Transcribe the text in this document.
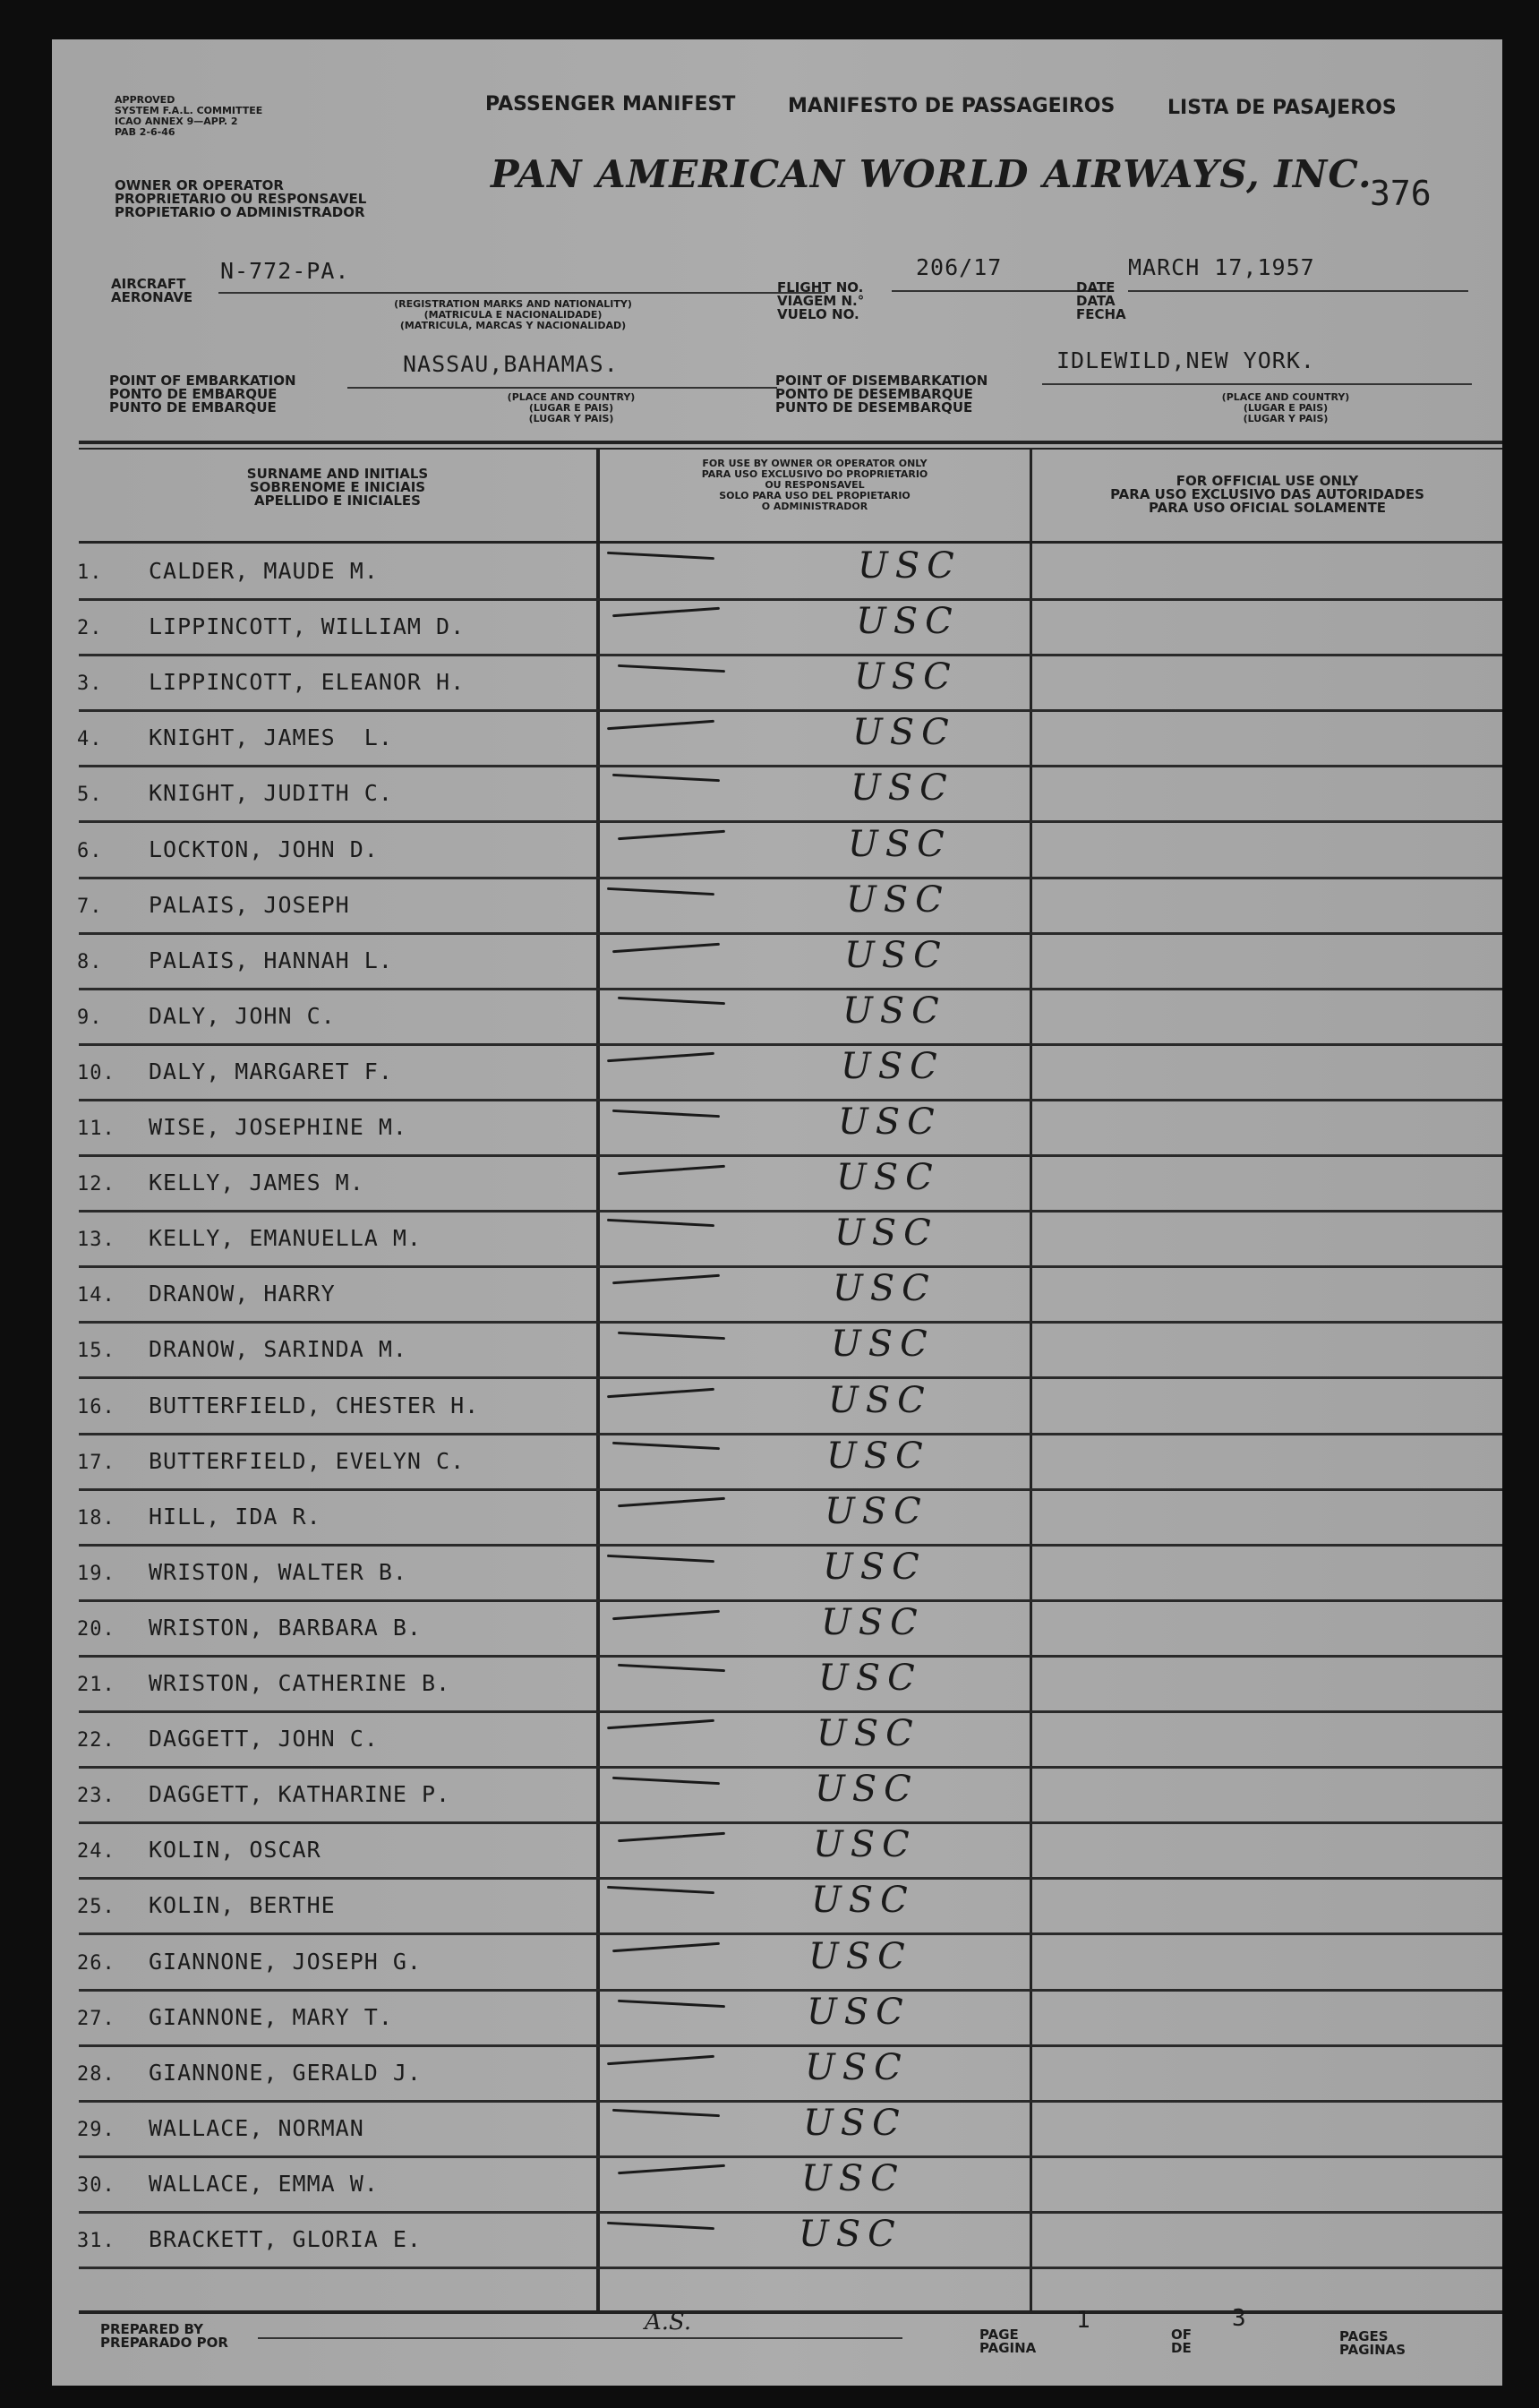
APPROVED
SYSTEM F.A.L. COMMITTEE
ICAO ANNEX 9—APP. 2
PAB 2-6-46
OWNER OR OPERATOR
PROPRIETARIO OU RESPONSAVEL
PROPIETARIO O ADMINISTRADOR
PASSENGER MANIFEST	MANIFESTO DE PASSAGEIROS	LISTA DE PASAJEROS
PAN AMERICAN WORLD AIRWAYS, INC.
376
AIRCRAFT
AERONAVE
N-772-PA.
(REGISTRATION MARKS AND NATIONALITY)
(MATRICULA E NACIONALIDADE)
(MATRICULA, MARCAS Y NACIONALIDAD)
FLIGHT NO.
VIAGEM N.°
VUELO NO.
206/17
DATE
DATA
FECHA
MARCH 17,1957
POINT OF EMBARKATION
PONTO DE EMBARQUE
PUNTO DE EMBARQUE
NASSAU,BAHAMAS.
(PLACE AND COUNTRY)
(LUGAR E PAIS)
(LUGAR Y PAIS)
POINT OF DISEMBARKATION
PONTO DE DESEMBARQUE
PUNTO DE DESEMBARQUE
IDLEWILD,NEW YORK.
(PLACE AND COUNTRY)
(LUGAR E PAIS)
(LUGAR Y PAIS)
SURNAME AND INITIALS
SOBRENOME E INICIAIS
APELLIDO E INICIALES
FOR USE BY OWNER OR OPERATOR ONLY
PARA USO EXCLUSIVO DO PROPRIETARIO
OU RESPONSAVEL
SOLO PARA USO DEL PROPIETARIO
O ADMINISTRADOR
FOR OFFICIAL USE ONLY
PARA USO EXCLUSIVO DAS AUTORIDADES
PARA USO OFICIAL SOLAMENTE
1. CALDER, MAUDE M.	USC
2. LIPPINCOTT, WILLIAM D.	USC
3. LIPPINCOTT, ELEANOR H.	USC
4. KNIGHT, JAMES  L.	USC
5. KNIGHT, JUDITH C.	USC
6. LOCKTON, JOHN D.	USC
7. PALAIS, JOSEPH	USC
8. PALAIS, HANNAH L.	USC
9. DALY, JOHN C.	USC
10. DALY, MARGARET F.	USC
11. WISE, JOSEPHINE M.	USC
12. KELLY, JAMES M.	USC
13. KELLY, EMANUELLA M.	USC
14. DRANOW, HARRY	USC
15. DRANOW, SARINDA M.	USC
16. BUTTERFIELD, CHESTER H.	USC
17. BUTTERFIELD, EVELYN C.	USC
18. HILL, IDA R.	USC
19. WRISTON, WALTER B.	USC
20. WRISTON, BARBARA B.	USC
21. WRISTON, CATHERINE B.	USC
22. DAGGETT, JOHN C.	USC
23. DAGGETT, KATHARINE P.	USC
24. KOLIN, OSCAR	USC
25. KOLIN, BERTHE	USC
26. GIANNONE, JOSEPH G.	USC
27. GIANNONE, MARY T.	USC
28. GIANNONE, GERALD J.	USC
29. WALLACE, NORMAN	USC
30. WALLACE, EMMA W.	USC
31. BRACKETT, GLORIA E.	USC
PREPARED BY
PREPARADO POR
A.S.	PAGE
PAGINA
1
OF
DE
3
PAGES
PAGINAS
